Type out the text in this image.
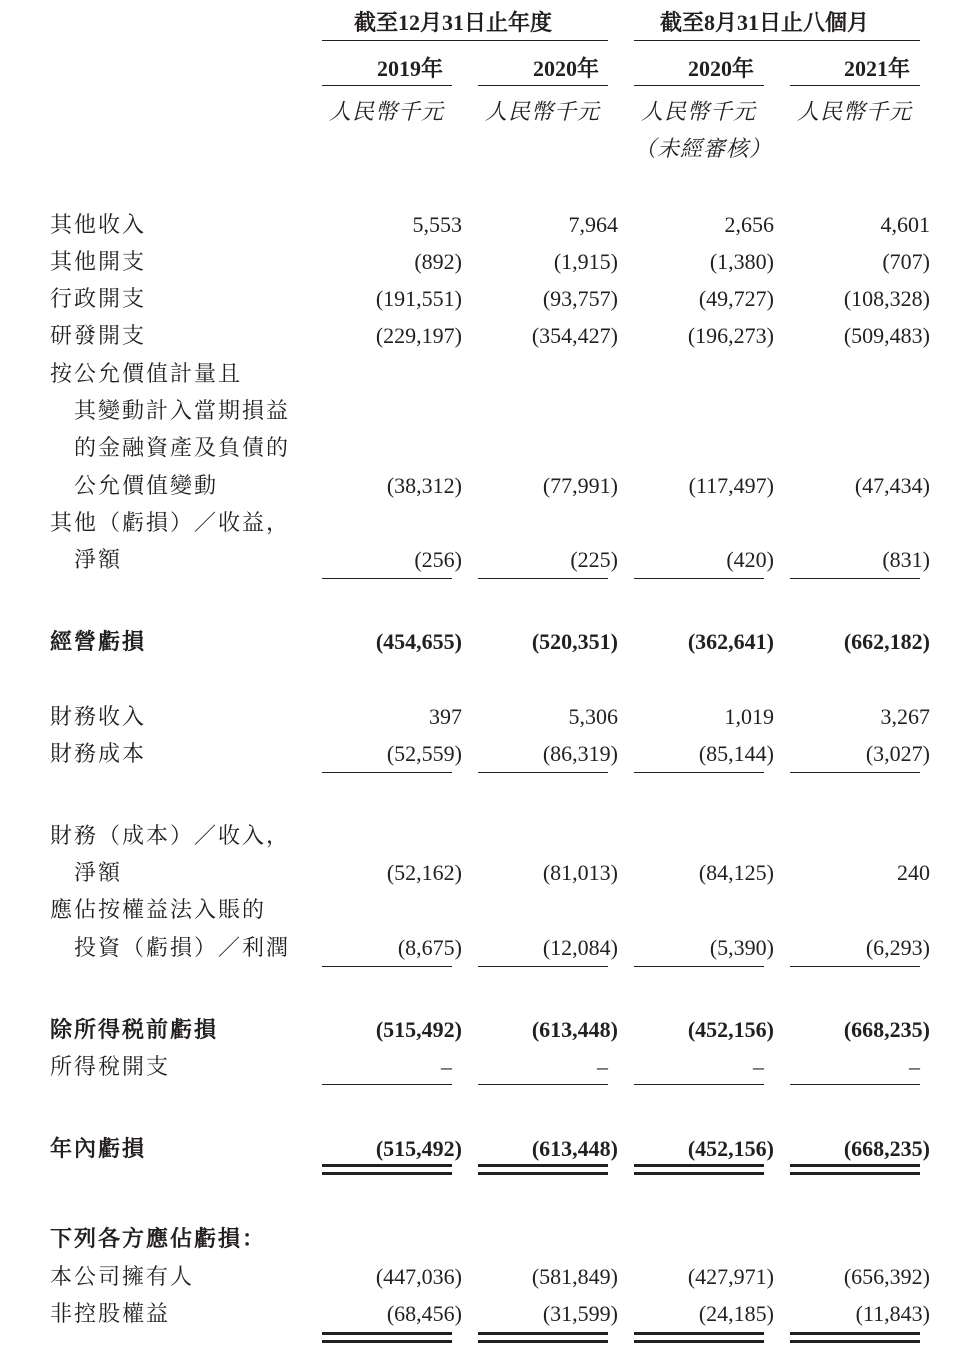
截至12月31日止年度	截至8月31日止八個月
2019年	2020年	2020年	2021年
人民幣千元 人民幣千元 人民幣千元 人民幣千元
（未經審核）
其他收入	5,553	7,964	2,656	4,601
其他開支	(892)	(1,915)	(1,380)	(707)
行政開支	(191,551)	(93,757)	(49,727)	(108,328)
研發開支	(229,197)	(354,427)	(196,273)	(509,483)
按公允價值計量且
其變動計入當期損益
的金融資產及負債的
公允價值變動	(38,312)	(77,991)	(117,497)	(47,434)
其他（虧損）／收益，
淨額	(256)	(225)	(420)	(831)
經營虧損	(454,655)	(520,351)	(362,641)	(662,182)
財務收入	397	5,306	1,019	3,267
財務成本	(52,559)	(86,319)	(85,144)	(3,027)
財務（成本）／收入，
淨額	(52,162)	(81,013)	(84,125)	240
應佔按權益法入賬的
投資（虧損）／利潤	(8,675)	(12,084)	(5,390)	(6,293)
除所得税前虧損	(515,492)	(613,448)	(452,156)	(668,235)
所得稅開支	–	–	–	–
年內虧損	(515,492)	(613,448)	(452,156)	(668,235)
下列各方應佔虧損：
本公司擁有人	(447,036)	(581,849)	(427,971)	(656,392)
非控股權益	(68,456)	(31,599)	(24,185)	(11,843)
